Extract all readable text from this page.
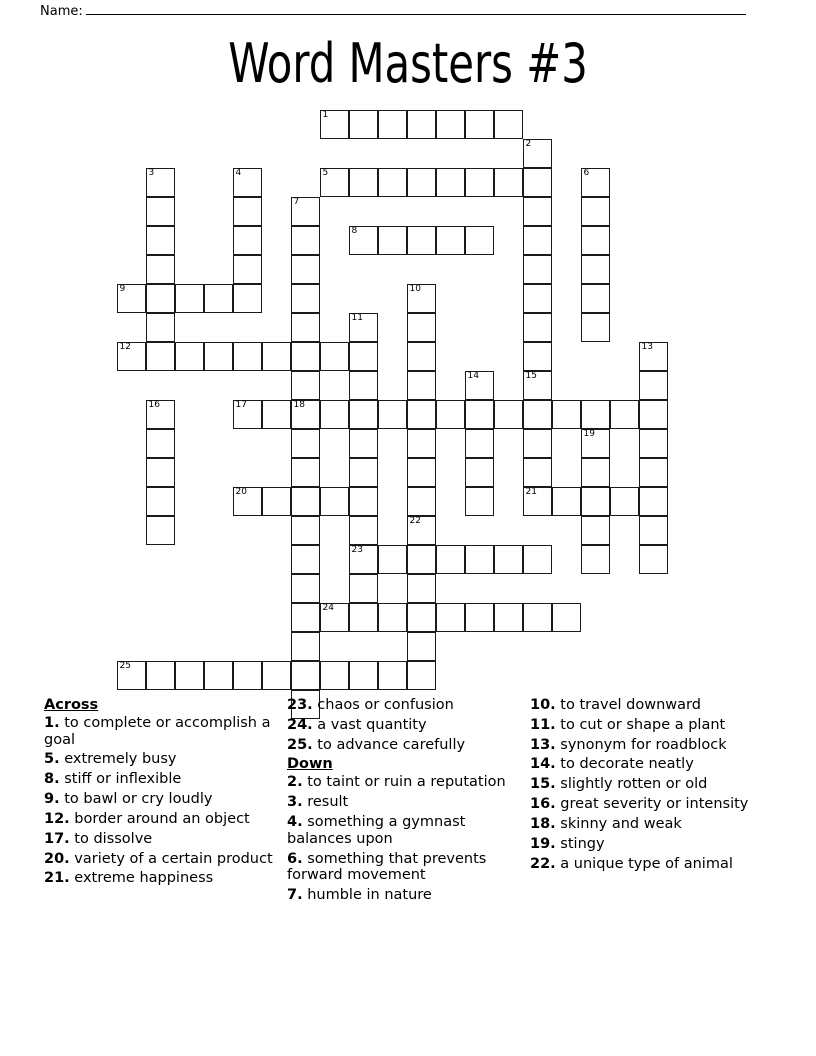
Name:
Word Masters #3
1
2
3	4	5	6
7
8
9	10
11
12	13
14	15
16	17	18
19
20	21
22
23
24
25
Across
1. to complete or accomplish a goal
5. extremely busy
8. stiff or inflexible
9. to bawl or cry loudly
12. border around an object
17. to dissolve
20. variety of a certain product
21. extreme happiness
23. chaos or confusion
24. a vast quantity
25. to advance carefully
Down
2. to taint or ruin a reputation
3. result
4. something a gymnast balances upon
6. something that prevents forward movement
7. humble in nature
10. to travel downward
11. to cut or shape a plant
13. synonym for roadblock
14. to decorate neatly
15. slightly rotten or old
16. great severity or intensity
18. skinny and weak
19. stingy
22. a unique type of animal
